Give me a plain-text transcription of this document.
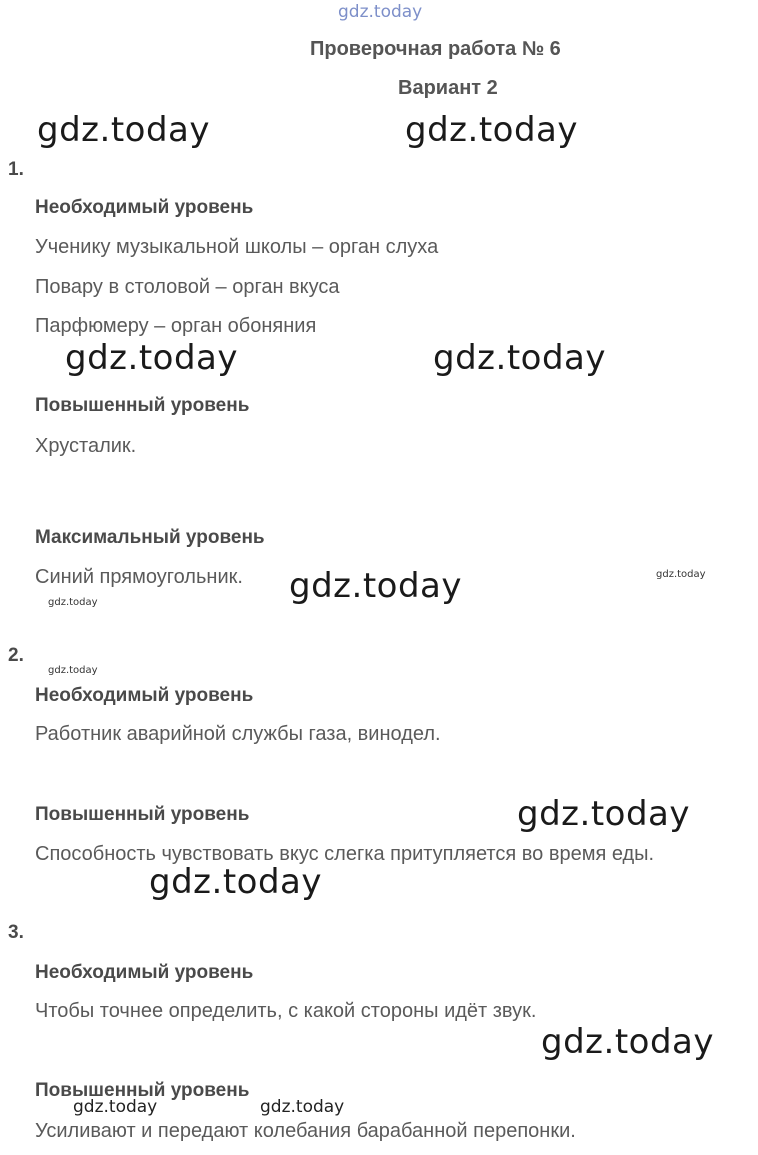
gdz.today
Проверочная работа № 6
Вариант 2
gdz.today	gdz.today
gdz.today	gdz.today
gdz.today
gdz.today
gdz.today
gdz.today
gdz.today
gdz.today
gdz.today
gdz.today	gdz.today
1.
Необходимый уровень
Ученику музыкальной школы – орган слуха
Повару в столовой – орган вкуса
Парфюмеру – орган обоняния
Повышенный уровень
Хрусталик.
Максимальный уровень
Синий прямоугольник.
2.
Необходимый уровень
Работник аварийной службы газа, винодел.
Повышенный уровень
Способность чувствовать вкус слегка притупляется во время еды.
3.
Необходимый уровень
Чтобы точнее определить, с какой стороны идёт звук.
Повышенный уровень
Усиливают и передают колебания барабанной перепонки.
